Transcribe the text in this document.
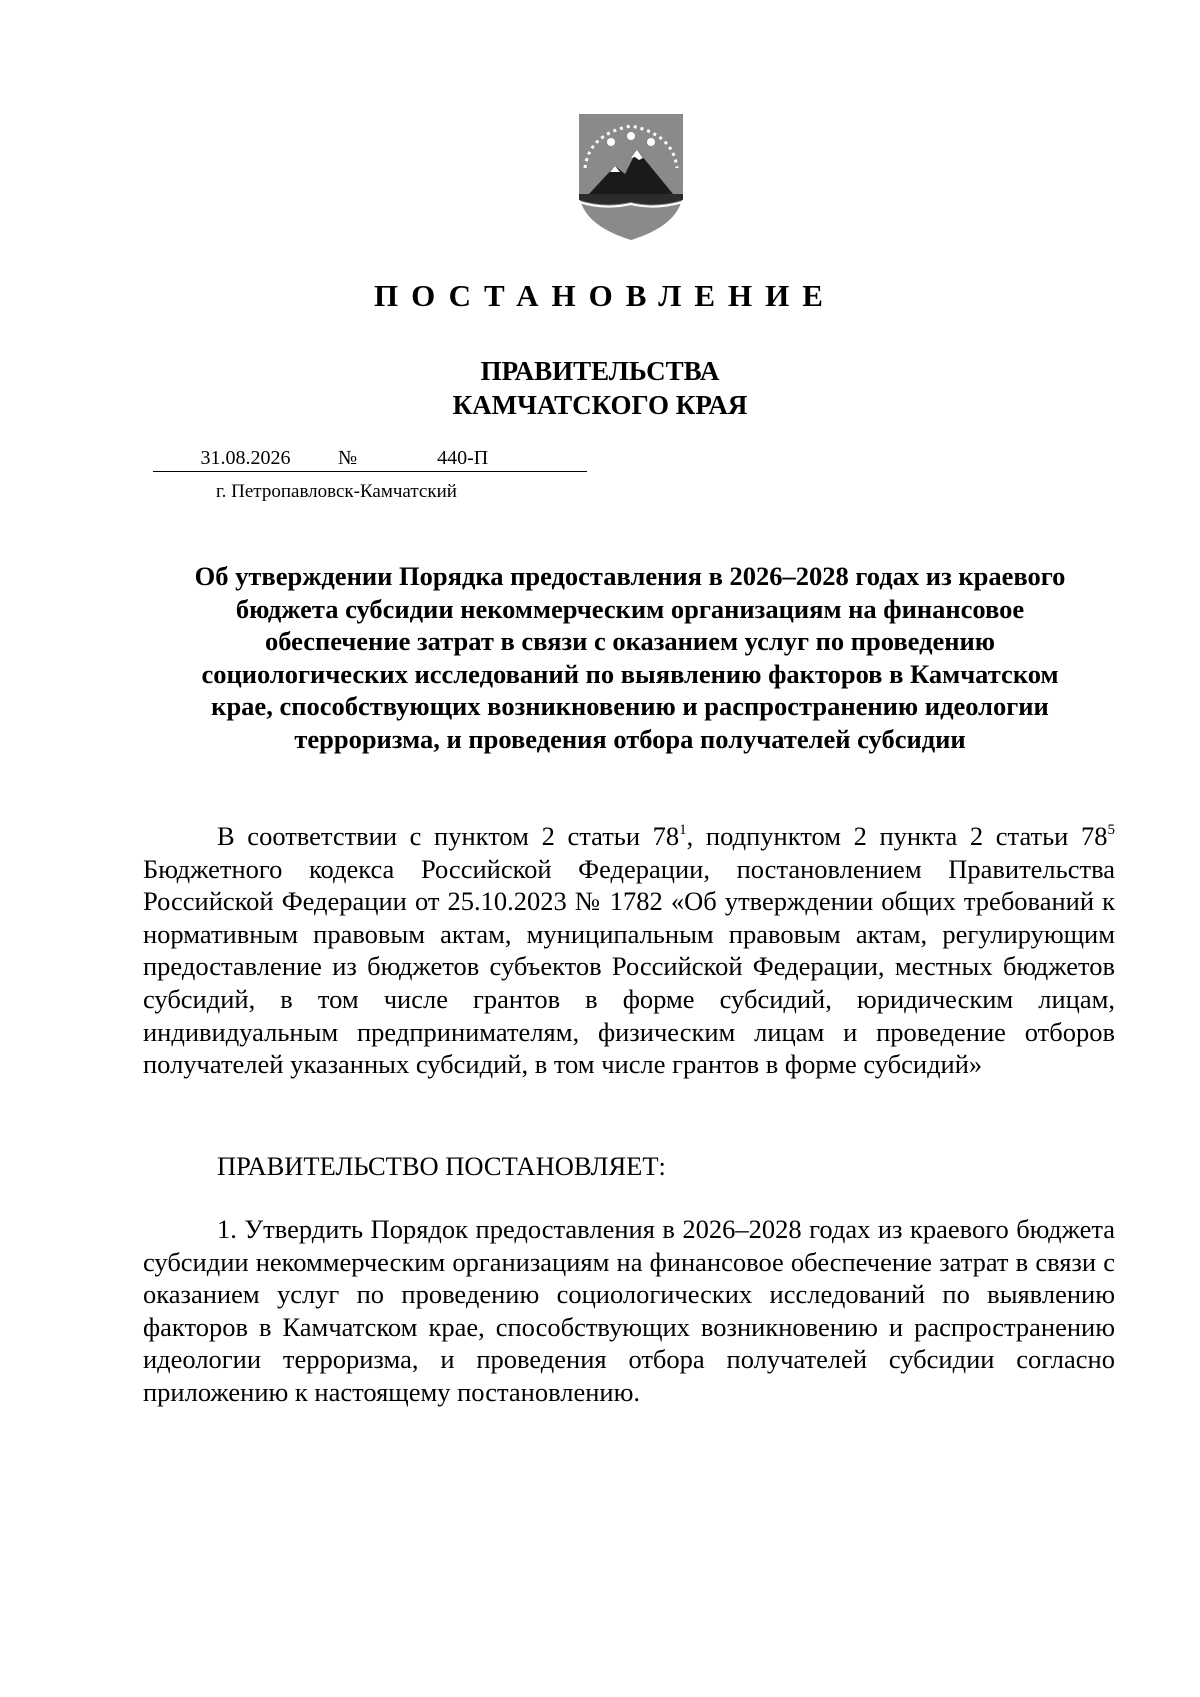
ПОСТАНОВЛЕНИЕ
ПРАВИТЕЛЬСТВА
КАМЧАТСКОГО КРАЯ
31.08.2026 №	440-П
г. Петропавловск-Камчатский
Об утверждении Порядка предоставления в 2026–2028 годах из краевого
бюджета субсидии некоммерческим организациям на финансовое
обеспечение затрат в связи с оказанием услуг по проведению
социологических исследований по выявлению факторов в Камчатском
крае, способствующих возникновению и распространению идеологии
терроризма, и проведения отбора получателей субсидии
В соответствии с пунктом 2 статьи $78^1$, подпунктом 2 пункта 2 статьи $78^5$ Бюджетного кодекса Российской Федерации, постановлением Правительства Российской Федерации от 25.10.2023 № 1782 «Об утверждении общих требований к нормативным правовым актам, муниципальным правовым актам, регулирующим предоставление из бюджетов субъектов Российской Федерации, местных бюджетов субсидий, в том числе грантов в форме субсидий, юридическим лицам, индивидуальным предпринимателям, физическим лицам и проведение отборов получателей указанных субсидий, в том числе грантов в форме субсидий»
ПРАВИТЕЛЬСТВО ПОСТАНОВЛЯЕТ:
1. Утвердить Порядок предоставления в 2026–2028 годах из краевого бюджета субсидии некоммерческим организациям на финансовое обеспечение затрат в связи с оказанием услуг по проведению социологических исследований по выявлению факторов в Камчатском крае, способствующих возникновению и распространению идеологии терроризма, и проведения отбора получателей субсидии согласно приложению к настоящему постановлению.
